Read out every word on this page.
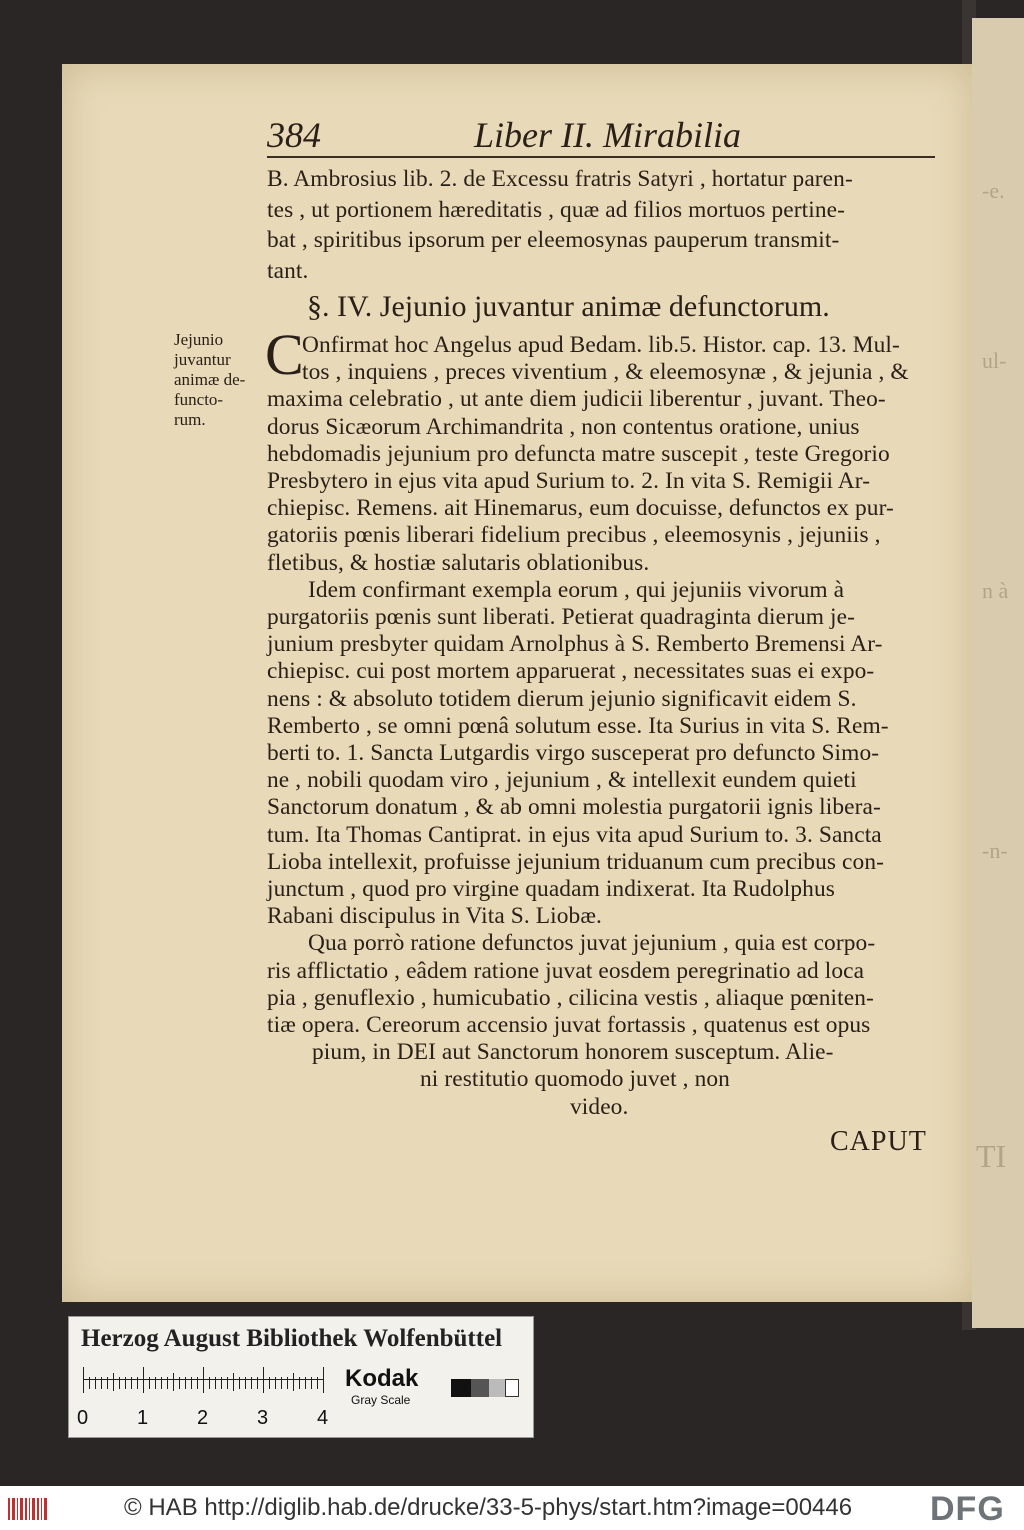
-e.
ul-
n à
-n-
TI
384	Liber II. Mirabilia
B. Ambrosius lib. 2. de Excessu fratris Satyri , hortatur paren-
tes , ut portionem hæreditatis , quæ ad filios mortuos pertine-
bat , spiritibus ipsorum per eleemosynas pauperum transmit-
tant.
§. IV. Jejunio juvantur animæ defunctorum.
Jejunio
juvantur
animæ de-
functo-
rum.
C
Onfirmat hoc Angelus apud Bedam. lib.5. Histor. cap. 13. Mul-
tos , inquiens , preces viventium , & eleemosynæ , & jejunia , &
maxima celebratio , ut ante diem judicii liberentur , juvant. Theo-
dorus Sicæorum Archimandrita , non contentus oratione, unius
hebdomadis jejunium pro defuncta matre suscepit , teste Gregorio
Presbytero in ejus vita apud Surium to. 2. In vita S. Remigii Ar-
chiepisc. Remens. ait Hinemarus, eum docuisse, defunctos ex pur-
gatoriis pœnis liberari fidelium precibus , eleemosynis , jejuniis ,
fletibus, & hostiæ salutaris oblationibus.
Idem confirmant exempla eorum , qui jejuniis vivorum à
purgatoriis pœnis sunt liberati. Petierat quadraginta dierum je-
junium presbyter quidam Arnolphus à S. Remberto Bremensi Ar-
chiepisc. cui post mortem apparuerat , necessitates suas ei expo-
nens : & absoluto totidem dierum jejunio significavit eidem S.
Remberto , se omni pœnâ solutum esse. Ita Surius in vita S. Rem-
berti to. 1. Sancta Lutgardis virgo susceperat pro defuncto Simo-
ne , nobili quodam viro , jejunium , & intellexit eundem quieti
Sanctorum donatum , & ab omni molestia purgatorii ignis libera-
tum. Ita Thomas Cantiprat. in ejus vita apud Surium to. 3. Sancta
Lioba intellexit, profuisse jejunium triduanum cum precibus con-
junctum , quod pro virgine quadam indixerat. Ita Rudolphus
Rabani discipulus in Vita S. Liobæ.
Qua porrò ratione defunctos juvat jejunium , quia est corpo-
ris afflictatio , eâdem ratione juvat eosdem peregrinatio ad loca
pia , genuflexio , humicubatio , cilicina vestis , aliaque pœniten-
tiæ opera. Cereorum accensio juvat fortassis , quatenus est opus
pium, in DEI aut Sanctorum honorem susceptum. Alie-
ni restitutio quomodo juvet , non
video.
CAPUT
Herzog August Bibliothek Wolfenbüttel
0 1 2 3 4
Kodak
Gray Scale
© HAB http://diglib.hab.de/drucke/33-5-phys/start.htm?image=00446 DFG
